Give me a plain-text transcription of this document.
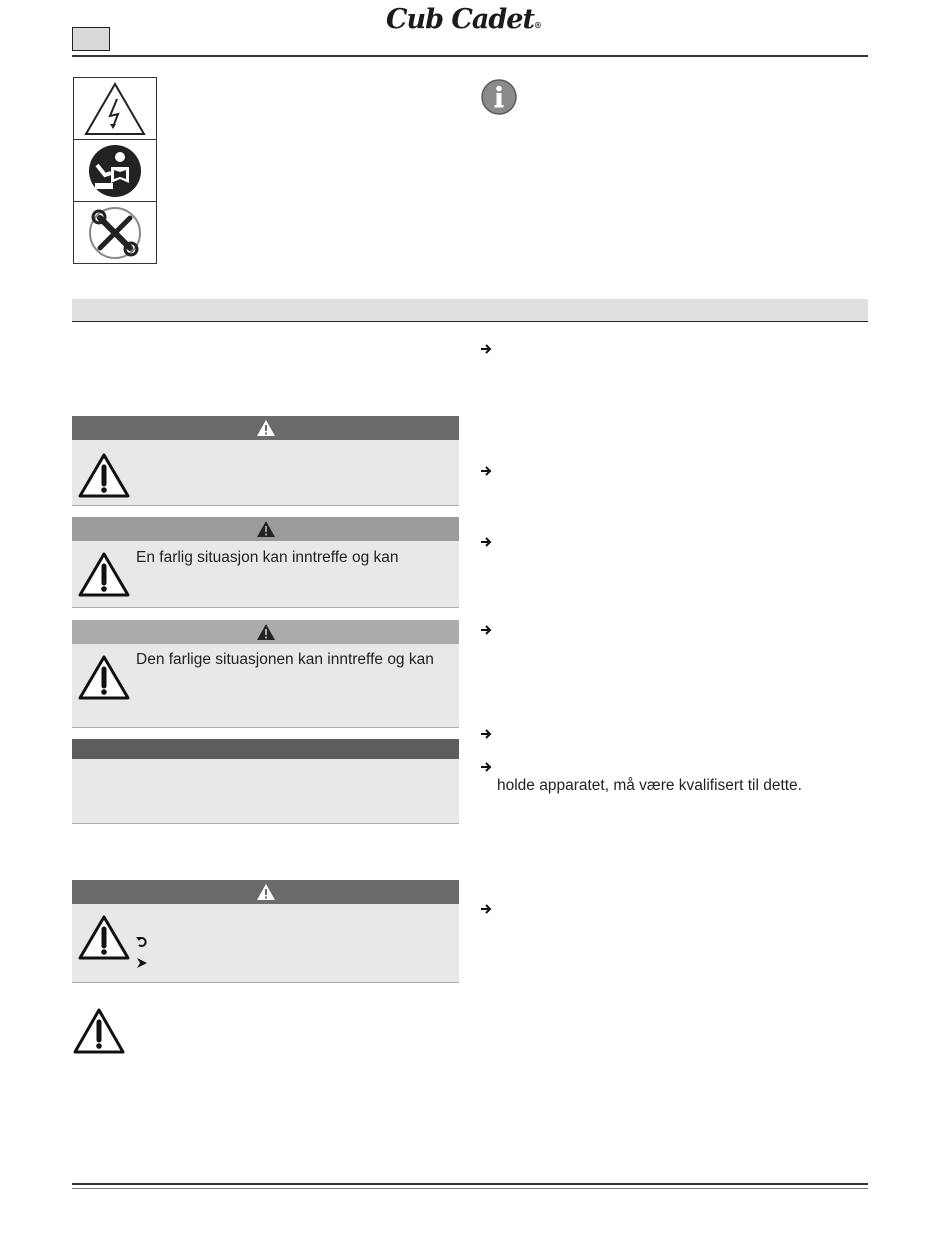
Cub Cadet®
En farlig situasjon kan inntreffe og kan
Den farlige situasjonen kan inntreffe og kan
holde apparatet, må være kvalifisert til dette.
